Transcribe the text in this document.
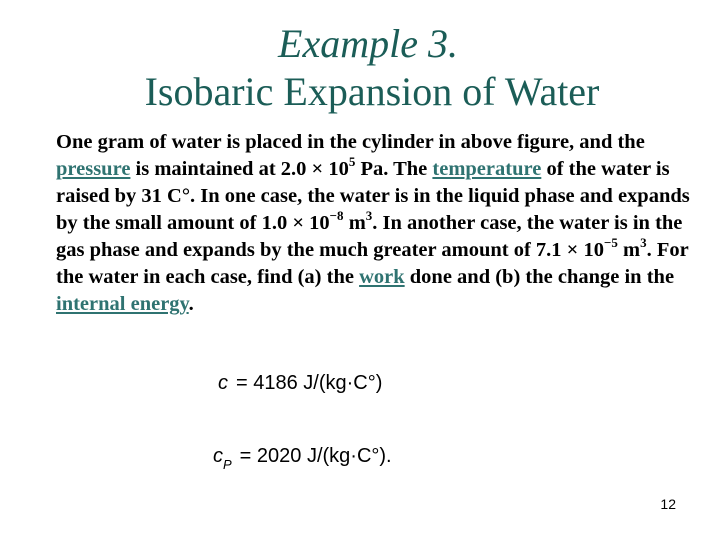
Example 3.
Isobaric Expansion of Water
One gram of water is placed in the cylinder in above figure, and the pressure is maintained at $2.0 \times 10^5$ Pa. The temperature of the water is raised by 31 C°. In one case, the water is in the liquid phase and expands by the small amount of $1.0 \times 10^{-8}$ $m^3$. In another case, the water is in the gas phase and expands by the much greater amount of $7.1 \times 10^{-5}$ $m^3$. For the water in each case, find (a) the work done and (b) the change in the internal energy.
c = 4186 J/(kg·C°)
$c_P = 2020$ J/(kg·C°).
12
